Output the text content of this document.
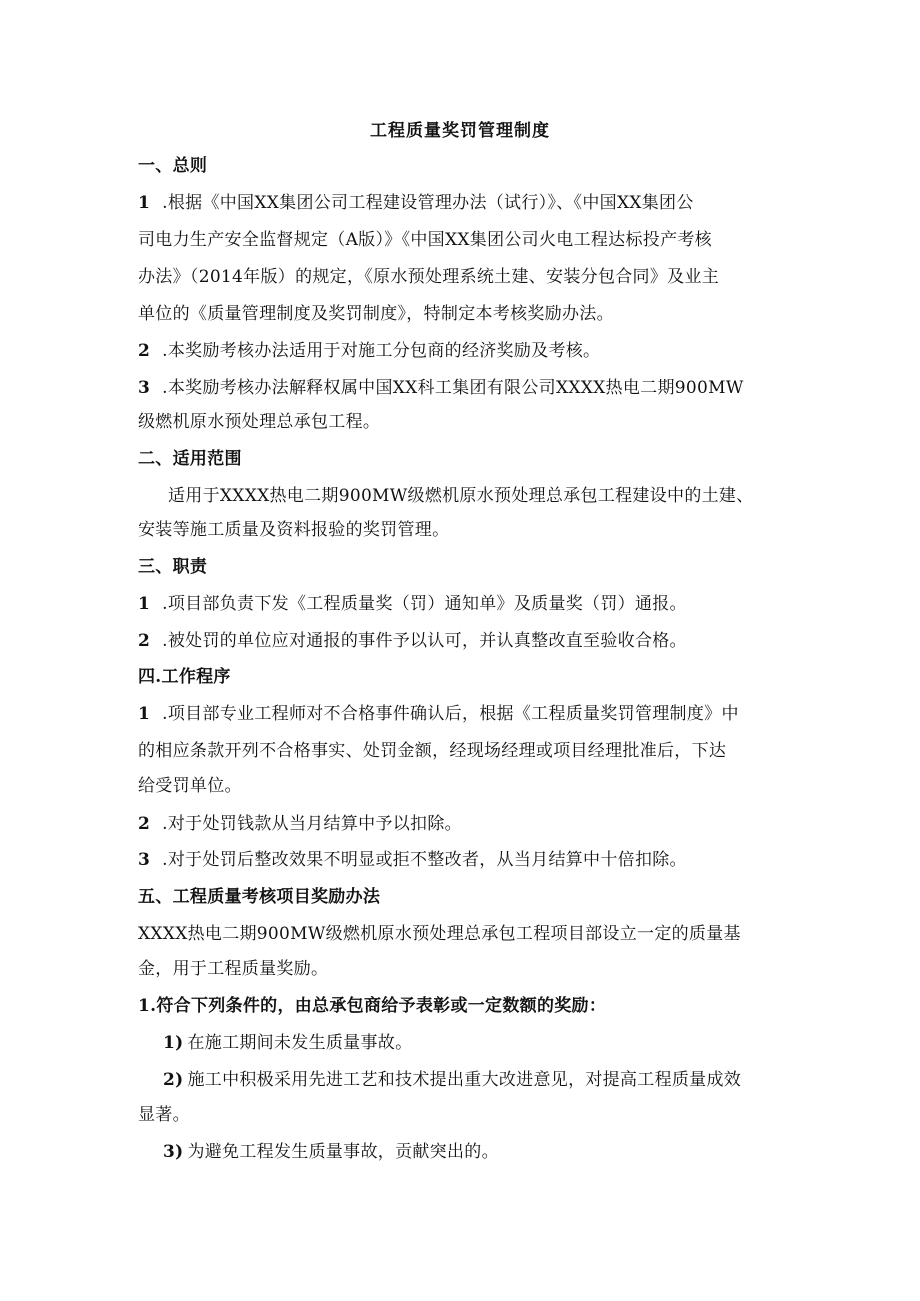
工程质量奖罚管理制度
一、总则
1 .根据《中国XX集团公司工程建设管理办法（试行）》、《中国XX集团公
司电力生产安全监督规定（A版）》《中国XX集团公司火电工程达标投产考核
办法》（2014年版）的规定，《原水预处理系统土建、安装分包合同》及业主
单位的《质量管理制度及奖罚制度》，特制定本考核奖励办法。
2 .本奖励考核办法适用于对施工分包商的经济奖励及考核。
3 .本奖励考核办法解释权属中国XX科工集团有限公司XXXX热电二期900MW
级燃机原水预处理总承包工程。
二、适用范围
适用于XXXX热电二期900MW级燃机原水预处理总承包工程建设中的土建、
安装等施工质量及资料报验的奖罚管理。
三、职责
1 .项目部负责下发《工程质量奖（罚）通知单》及质量奖（罚）通报。
2 .被处罚的单位应对通报的事件予以认可，并认真整改直至验收合格。
四.工作程序
1 .项目部专业工程师对不合格事件确认后，根据《工程质量奖罚管理制度》中
的相应条款开列不合格事实、处罚金额，经现场经理或项目经理批准后，下达
给受罚单位。
2 .对于处罚钱款从当月结算中予以扣除。
3 .对于处罚后整改效果不明显或拒不整改者，从当月结算中十倍扣除。
五、工程质量考核项目奖励办法
XXXX热电二期900MW级燃机原水预处理总承包工程项目部设立一定的质量基
金，用于工程质量奖励。
1.符合下列条件的，由总承包商给予表彰或一定数额的奖励：
1) 在施工期间未发生质量事故。
2) 施工中积极采用先进工艺和技术提出重大改进意见，对提高工程质量成效
显著。
3) 为避免工程发生质量事故，贡献突出的。
